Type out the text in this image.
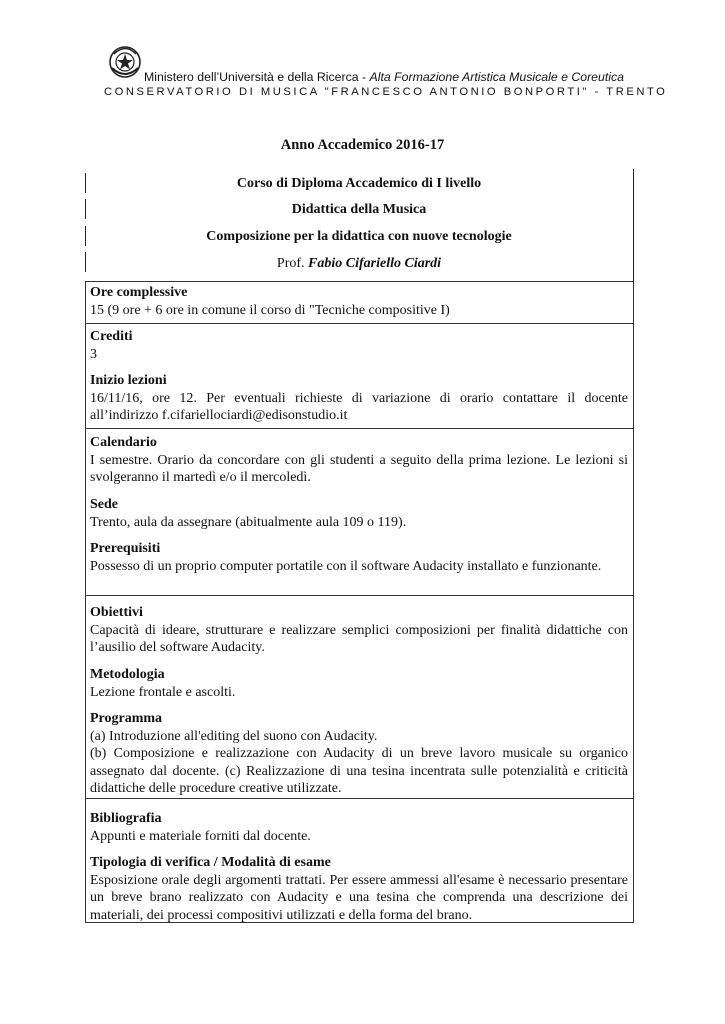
Ministero dell’Università e della Ricerca - Alta Formazione Artistica Musicale e Coreutica
CONSERVATORIO DI MUSICA "FRANCESCO ANTONIO BONPORTI" - TRENTO
Anno Accademico 2016-17
Corso di Diploma Accademico di I livello
Didattica della Musica
Composizione per la didattica con nuove tecnologie
Prof. Fabio Cifariello Ciardi
Ore complessive
15 (9 ore + 6 ore in comune il corso di "Tecniche compositive I)
Crediti
3
Inizio lezioni
16/11/16, ore 12. Per eventuali richieste di variazione di orario contattare il docente all’indirizzo f.cifariellociardi@edisonstudio.it
Calendario
I semestre. Orario da concordare con gli studenti a seguito della prima lezione. Le lezioni si svolgeranno il martedì e/o il mercoledì.
Sede
Trento, aula da assegnare (abitualmente aula 109 o 119).
Prerequisiti
Possesso di un proprio computer portatile con il software Audacity installato e funzionante.
Obiettivi
Capacità di ideare, strutturare e realizzare semplici composizioni per finalità didattiche con l’ausilio del software Audacity.
Metodologia
Lezione frontale e ascolti.
Programma
(a) Introduzione all'editing del suono con Audacity.
(b) Composizione e realizzazione con Audacity di un breve lavoro musicale su organico assegnato dal docente. (c) Realizzazione di una tesina incentrata sulle potenzialità e criticità didattiche delle procedure creative utilizzate.
Bibliografia
Appunti e materiale forniti dal docente.
Tipologia di verifica / Modalità di esame
Esposizione orale degli argomenti trattati. Per essere ammessi all'esame è necessario presentare un breve brano realizzato con Audacity e una tesina che comprenda una descrizione dei materiali, dei processi compositivi utilizzati e della forma del brano.
